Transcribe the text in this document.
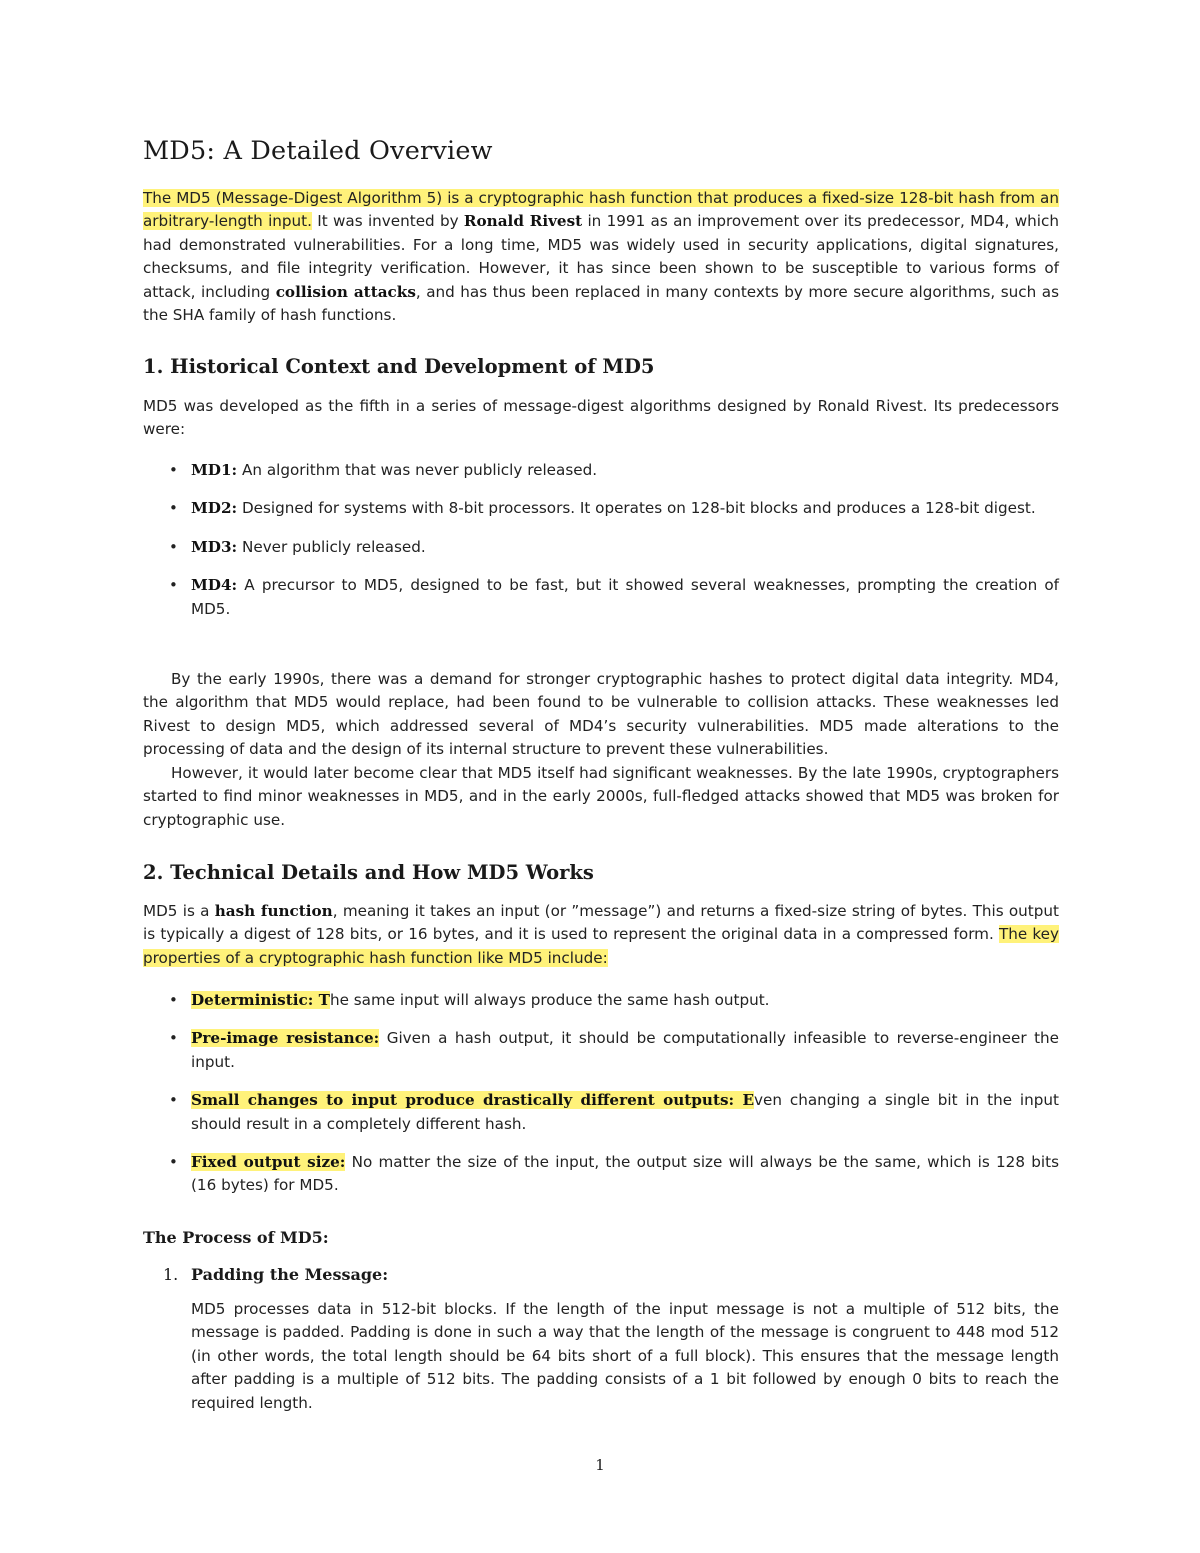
MD5: A Detailed Overview

The MD5 (Message-Digest Algorithm 5) is a cryptographic hash function that produces a fixed-size 128-bit hash from an arbitrary-length input. It was invented by Ronald Rivest in 1991 as an improvement over its predecessor, MD4, which had demonstrated vulnerabilities. For a long time, MD5 was widely used in security applications, digital signatures, checksums, and file integrity verification. However, it has since been shown to be susceptible to various forms of attack, including collision attacks, and has thus been replaced in many contexts by more secure algorithms, such as the SHA family of hash functions.

1. Historical Context and Development of MD5

MD5 was developed as the fifth in a series of message-digest algorithms designed by Ronald Rivest. Its predecessors were:

• MD1: An algorithm that was never publicly released.
• MD2: Designed for systems with 8-bit processors. It operates on 128-bit blocks and produces a 128-bit digest.
• MD3: Never publicly released.
• MD4: A precursor to MD5, designed to be fast, but it showed several weaknesses, prompting the creation of MD5.

By the early 1990s, there was a demand for stronger cryptographic hashes to protect digital data integrity. MD4, the algorithm that MD5 would replace, had been found to be vulnerable to collision attacks. These weaknesses led Rivest to design MD5, which addressed several of MD4’s security vulnerabilities. MD5 made alterations to the processing of data and the design of its internal structure to prevent these vulnerabilities.

However, it would later become clear that MD5 itself had significant weaknesses. By the late 1990s, cryptographers started to find minor weaknesses in MD5, and in the early 2000s, full-fledged attacks showed that MD5 was broken for cryptographic use.

2. Technical Details and How MD5 Works

MD5 is a hash function, meaning it takes an input (or ”message”) and returns a fixed-size string of bytes. This output is typically a digest of 128 bits, or 16 bytes, and it is used to represent the original data in a compressed form. The key properties of a cryptographic hash function like MD5 include:

• Deterministic: The same input will always produce the same hash output.
• Pre-image resistance: Given a hash output, it should be computationally infeasible to reverse-engineer the input.
• Small changes to input produce drastically different outputs: Even changing a single bit in the input should result in a completely different hash.
• Fixed output size: No matter the size of the input, the output size will always be the same, which is 128 bits (16 bytes) for MD5.
The Process of MD5:
1. Padding the Message:

MD5 processes data in 512-bit blocks. If the length of the input message is not a multiple of 512 bits, the message is padded. Padding is done in such a way that the length of the message is congruent to 448 mod 512 (in other words, the total length should be 64 bits short of a full block). This ensures that the message length after padding is a multiple of 512 bits. The padding consists of a 1 bit followed by enough 0 bits to reach the required length.

1
